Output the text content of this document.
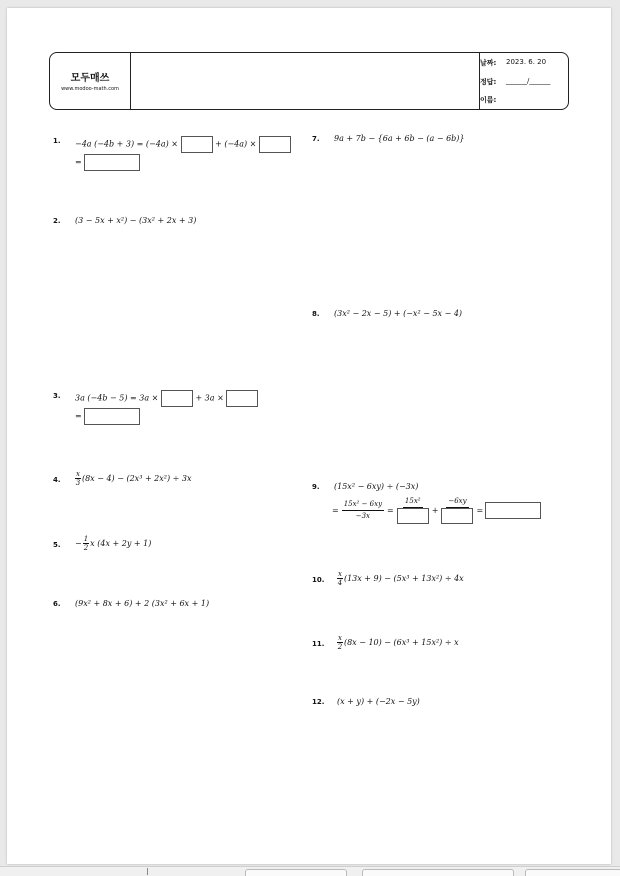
모두매쓰
www.modoo-math.com
날짜: 2023. 6. 20
정답: ______/______
이름:
1. −4a (−4b + 3) = (−4a) ×	+ (−4a) ×
=
2. (3 − 5x + x²) − (3x² + 2x + 3)
3. 3a (−4b − 5) = 3a ×	+ 3a ×
=
4. $\frac{x}{3} (8x - 4) - (2x^3 + 2x^2) \div 3x$
5. − $\frac{1}{2}$ x (4x + 2y + 1)
6. (9x² + 8x + 6) + 2 (3x² + 6x + 1)
7. 9a + 7b − {6a + 6b − (a − 6b)}
8. (3x² − 2x − 5) + (−x² − 5x − 4)
9. (15x² − 6xy) ÷ (−3x)
= $\frac{\text{15x² − 6xy}}{-3x}$ =
15x²
+
−6xy
=
10. $\frac{x}{4} (13x + 9) - (5x^3 + 13x^2) \div 4x$
11. $\frac{x}{2} (8x - 10) - (6x^3 + 15x^2) \div x$
12. (x + y) + (−2x − 5y)
